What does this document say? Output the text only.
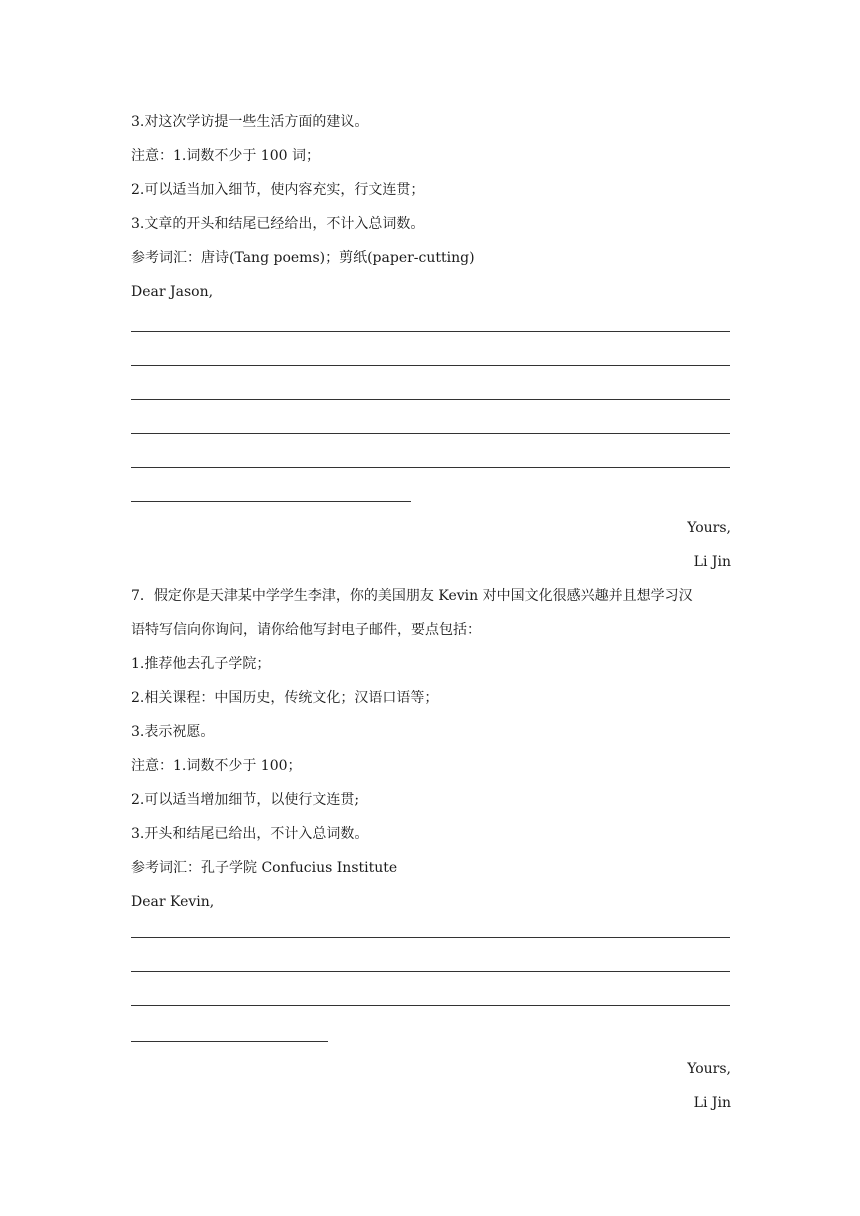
3.对这次学访提一些生活方面的建议。
注意：1.词数不少于 100 词；
2.可以适当加入细节，使内容充实，行文连贯；
3.文章的开头和结尾已经给出，不计入总词数。
参考词汇：唐诗(Tang poems)；剪纸(paper-cutting)
Dear Jason,
Yours,
Li Jin
7．假定你是天津某中学学生李津，你的美国朋友 Kevin 对中国文化很感兴趣并且想学习汉
语特写信向你询问，请你给他写封电子邮件，要点包括：
1.推荐他去孔子学院；
2.相关课程：中国历史，传统文化；汉语口语等；
3.表示祝愿。
注意：1.词数不少于 100；
2.可以适当增加细节，以使行文连贯;
3.开头和结尾已给出，不计入总词数。
参考词汇：孔子学院 Confucius Institute
Dear Kevin,
Yours,
Li Jin
